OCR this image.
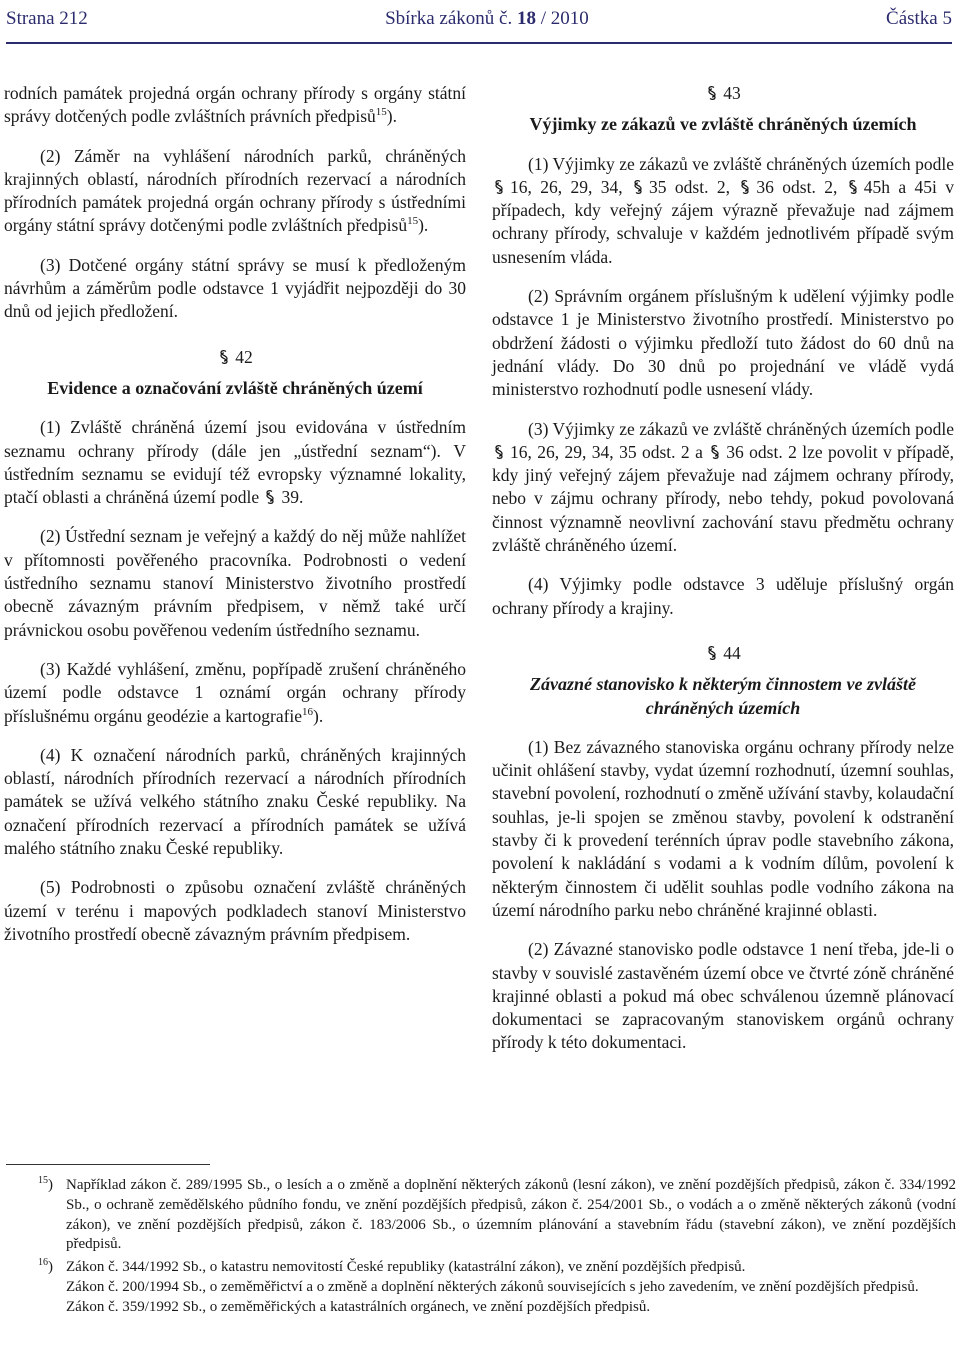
Strana 212	Sbírka zákonů č. 18 / 2010	Částka 5

rodních památek projedná orgán ochrany přírody s orgány státní správy dotčených podle zvláštních právních předpisů$^{15}$).

(2) Záměr na vyhlášení národních parků, chráněných krajinných oblastí, národních přírodních rezervací a národních přírodních památek projedná orgán ochrany přírody s ústředními orgány státní správy dotčenými podle zvláštních předpisů$^{15}$).

(3) Dotčené orgány státní správy se musí k předloženým návrhům a záměrům podle odstavce 1 vyjádřit nejpozději do 30 dnů od jejich předložení.

42
Evidence a označování zvláště chráněných území

(1) Zvláště chráněná území jsou evidována v ústředním seznamu ochrany přírody (dále jen „ústřední seznam“). V ústředním seznamu se evidují též evropsky významné lokality, ptačí oblasti a chráněná území podle 39.

(2) Ústřední seznam je veřejný a každý do něj může nahlížet v přítomnosti pověřeného pracovníka. Podrobnosti o vedení ústředního seznamu stanoví Ministerstvo životního prostředí obecně závazným právním předpisem, v němž také určí právnickou osobu pověřenou vedením ústředního seznamu.

(3) Každé vyhlášení, změnu, popřípadě zrušení chráněného území podle odstavce 1 oznámí orgán ochrany přírody příslušnému orgánu geodézie a kartografie$^{16}$).

(4) K označení národních parků, chráněných krajinných oblastí, národních přírodních rezervací a národních přírodních památek se užívá velkého státního znaku České republiky. Na označení přírodních rezervací a přírodních památek se užívá malého státního znaku České republiky.

(5) Podrobnosti o způsobu označení zvláště chráněných území v terénu i mapových podkladech stanoví Ministerstvo životního prostředí obecně závazným právním předpisem.

43
Výjimky ze zákazů ve zvláště chráněných územích

(1) Výjimky ze zákazů ve zvláště chráněných územích podle 16, 26, 29, 34, 35 odst. 2, 36 odst. 2, 45h a 45i v případech, kdy veřejný zájem výrazně převažuje nad zájmem ochrany přírody, schvaluje v každém jednotlivém případě svým usnesením vláda.

(2) Správním orgánem příslušným k udělení výjimky podle odstavce 1 je Ministerstvo životního prostředí. Ministerstvo po obdržení žádosti o výjimku předloží tuto žádost do 60 dnů na jednání vlády. Do 30 dnů po projednání ve vládě vydá ministerstvo rozhodnutí podle usnesení vlády.

(3) Výjimky ze zákazů ve zvláště chráněných územích podle 16, 26, 29, 34, 35 odst. 2 a 36 odst. 2 lze povolit v případě, kdy jiný veřejný zájem převažuje nad zájmem ochrany přírody, nebo v zájmu ochrany přírody, nebo tehdy, pokud povolovaná činnost významně neovlivní zachování stavu předmětu ochrany zvláště chráněného území.

(4) Výjimky podle odstavce 3 uděluje příslušný orgán ochrany přírody a krajiny.

44
Závazné stanovisko k některým činnostem ve zvláště chráněných územích

(1) Bez závazného stanoviska orgánu ochrany přírody nelze učinit ohlášení stavby, vydat územní rozhodnutí, územní souhlas, stavební povolení, rozhodnutí o změně užívání stavby, kolaudační souhlas, je-li spojen se změnou stavby, povolení k odstranění stavby či k provedení terénních úprav podle stavebního zákona, povolení k nakládání s vodami a k vodním dílům, povolení k některým činnostem či udělit souhlas podle vodního zákona na území národního parku nebo chráněné krajinné oblasti.

(2) Závazné stanovisko podle odstavce 1 není třeba, jde-li o stavby v souvislé zastavěném území obce ve čtvrté zóně chráněné krajinné oblasti a pokud má obec schválenou územně plánovací dokumentaci se zapracovaným stanoviskem orgánů ochrany přírody k této dokumentaci.

$^{15}$) Například zákon č. 289/1995 Sb., o lesích a o změně a doplnění některých zákonů (lesní zákon), ve znění pozdějších předpisů, zákon č. 334/1992 Sb., o ochraně zemědělského půdního fondu, ve znění pozdějších předpisů, zákon č. 254/2001 Sb., o vodách a o změně některých zákonů (vodní zákon), ve znění pozdějších předpisů, zákon č. 183/2006 Sb., o územním plánování a stavebním řádu (stavební zákon), ve znění pozdějších předpisů.
$^{16}$) Zákon č. 344/1992 Sb., o katastru nemovitostí České republiky (katastrální zákon), ve znění pozdějších předpisů.
Zákon č. 200/1994 Sb., o zeměměřictví a o změně a doplnění některých zákonů souvisejících s jeho zavedením, ve znění pozdějších předpisů.
Zákon č. 359/1992 Sb., o zeměměřických a katastrálních orgánech, ve znění pozdějších předpisů.
